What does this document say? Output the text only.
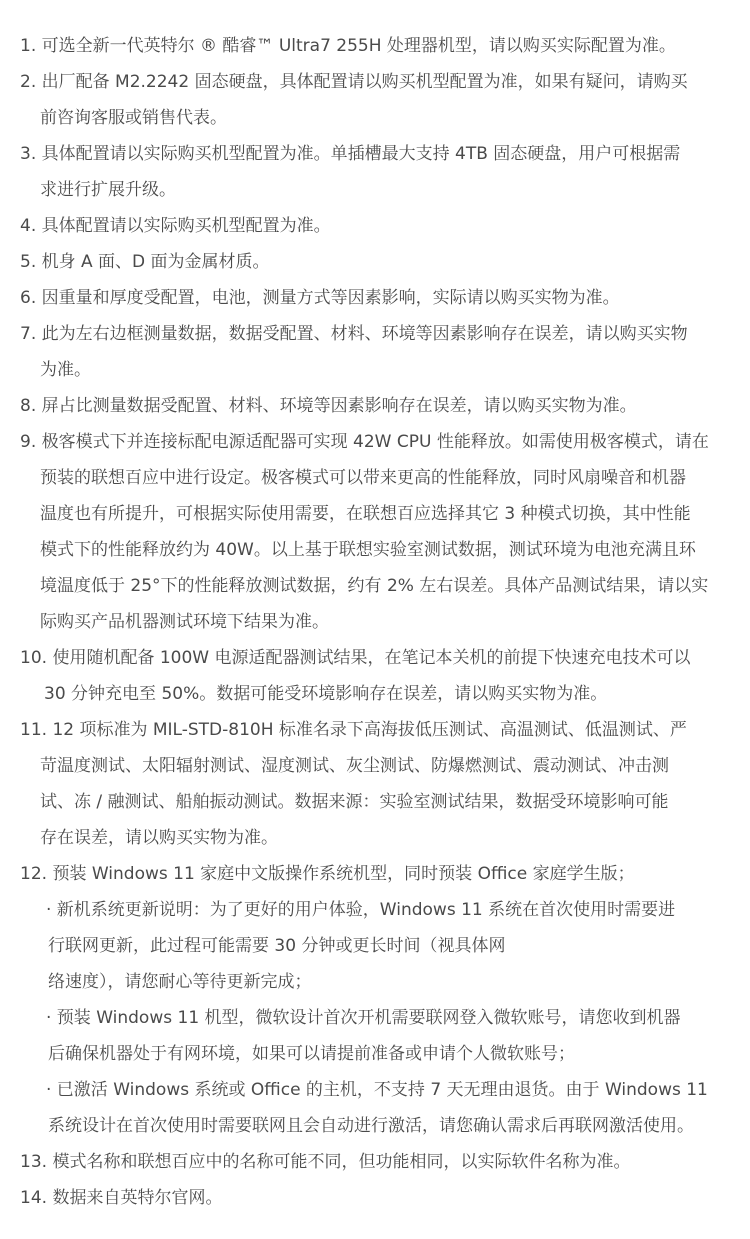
1. 可选全新一代英特尔 ® 酷睿™ Ultra7 255H 处理器机型，请以购买实际配置为准。
2. 出厂配备 M2.2242 固态硬盘，具体配置请以购买机型配置为准，如果有疑问，请购买
前咨询客服或销售代表。
3. 具体配置请以实际购买机型配置为准。单插槽最大支持 4TB 固态硬盘，用户可根据需
求进行扩展升级。
4. 具体配置请以实际购买机型配置为准。
5. 机身 A 面、D 面为金属材质。
6. 因重量和厚度受配置，电池，测量方式等因素影响，实际请以购买实物为准。
7. 此为左右边框测量数据，数据受配置、材料、环境等因素影响存在误差，请以购买实物
为准。
8. 屏占比测量数据受配置、材料、环境等因素影响存在误差，请以购买实物为准。
9. 极客模式下并连接标配电源适配器可实现 42W CPU 性能释放。如需使用极客模式，请在
预装的联想百应中进行设定。极客模式可以带来更高的性能释放，同时风扇噪音和机器
温度也有所提升，可根据实际使用需要，在联想百应选择其它 3 种模式切换，其中性能
模式下的性能释放约为 40W。以上基于联想实验室测试数据，测试环境为电池充满且环
境温度低于 25°下的性能释放测试数据，约有 2% 左右误差。具体产品测试结果，请以实
际购买产品机器测试环境下结果为准。
10. 使用随机配备 100W 电源适配器测试结果，在笔记本关机的前提下快速充电技术可以
30 分钟充电至 50%。数据可能受环境影响存在误差，请以购买实物为准。
11. 12 项标准为 MIL-STD-810H 标准名录下高海拔低压测试、高温测试、低温测试、严
苛温度测试、太阳辐射测试、湿度测试、灰尘测试、防爆燃测试、震动测试、冲击测
试、冻 / 融测试、船舶振动测试。数据来源：实验室测试结果，数据受环境影响可能
存在误差，请以购买实物为准。
12. 预装 Windows 11 家庭中文版操作系统机型，同时预装 Office 家庭学生版；
· 新机系统更新说明：为了更好的用户体验，Windows 11 系统在首次使用时需要进
行联网更新，此过程可能需要 30 分钟或更长时间（视具体网
络速度），请您耐心等待更新完成；
· 预装 Windows 11 机型，微软设计首次开机需要联网登入微软账号，请您收到机器
后确保机器处于有网环境，如果可以请提前准备或申请个人微软账号；
· 已激活 Windows 系统或 Office 的主机，不支持 7 天无理由退货。由于 Windows 11
系统设计在首次使用时需要联网且会自动进行激活，请您确认需求后再联网激活使用。
13. 模式名称和联想百应中的名称可能不同，但功能相同，以实际软件名称为准。
14. 数据来自英特尔官网。
